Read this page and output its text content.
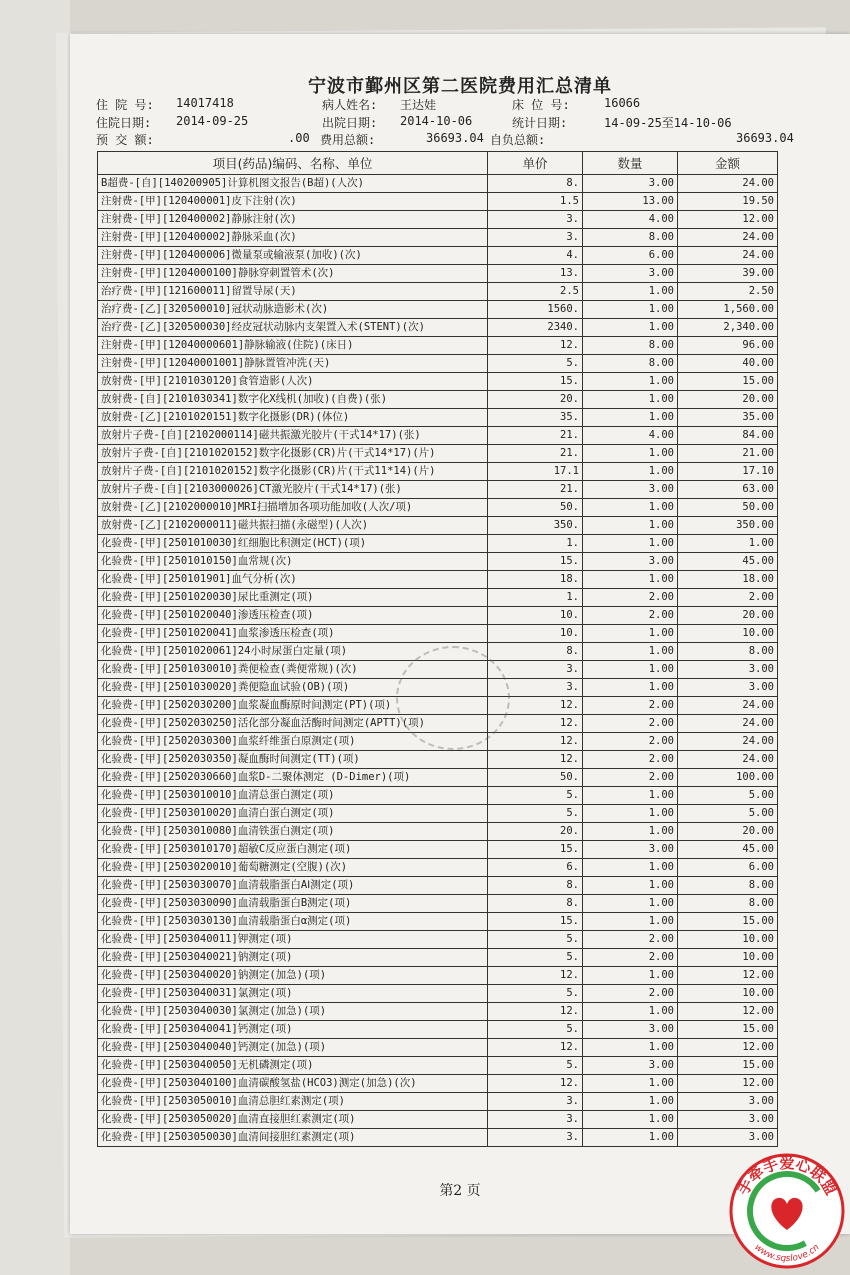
宁波市鄞州区第二医院费用汇总清单
住 院 号: 14017418	病人姓名: 王达娃	床 位 号:	16066
住院日期: 2014-09-25	出院日期: 2014-10-06	统计日期:	14-09-25至14-10-06
预 交 额:	.00 费用总额:	36693.04 自负总额:	36693.04
项目(药品)编码、名称、单位	单价	数量	金额
B超费-[自][140200905]计算机图文报告(B超)(人次)	8.	3.00	24.00
注射费-[甲][120400001]皮下注射(次)	1.5	13.00	19.50
注射费-[甲][120400002]静脉注射(次)	3.	4.00	12.00
注射费-[甲][120400002]静脉采血(次)	3.	8.00	24.00
注射费-[甲][120400006]微量泵或输液泵(加收)(次)	4.	6.00	24.00
注射费-[甲][1204000100]静脉穿刺置管术(次)	13.	3.00	39.00
治疗费-[甲][121600011]留置导尿(天)	2.5	1.00	2.50
治疗费-[乙][320500010]冠状动脉造影术(次)	1560.	1.00	1,560.00
治疗费-[乙][320500030]经皮冠状动脉内支架置入术(STENT)(次)	2340.	1.00	2,340.00
注射费-[甲][12040000601]静脉输液(住院)(床日)	12.	8.00	96.00
注射费-[甲][12040001001]静脉置管冲洗(天)	5.	8.00	40.00
放射费-[甲][2101030120]食管造影(人次)	15.	1.00	15.00
放射费-[自][2101030341]数字化X线机(加收)(自费)(张)	20.	1.00	20.00
放射费-[乙][2101020151]数字化摄影(DR)(体位)	35.	1.00	35.00
放射片子费-[自][2102000114]磁共振激光胶片(干式14*17)(张)	21.	4.00	84.00
放射片子费-[自][2101020152]数字化摄影(CR)片(干式14*17)(片)	21.	1.00	21.00
放射片子费-[自][2101020152]数字化摄影(CR)片(干式11*14)(片)	17.1	1.00	17.10
放射片子费-[自][2103000026]CT激光胶片(干式14*17)(张)	21.	3.00	63.00
放射费-[乙][2102000010]MRI扫描增加各项功能加收(人次/项)	50.	1.00	50.00
放射费-[乙][2102000011]磁共振扫描(永磁型)(人次)	350.	1.00	350.00
化验费-[甲][2501010030]红细胞比积测定(HCT)(项)	1.	1.00	1.00
化验费-[甲][2501010150]血常规(次)	15.	3.00	45.00
化验费-[甲][250101901]血气分析(次)	18.	1.00	18.00
化验费-[甲][2501020030]尿比重测定(项)	1.	2.00	2.00
化验费-[甲][2501020040]渗透压检查(项)	10.	2.00	20.00
化验费-[甲][2501020041]血浆渗透压检查(项)	10.	1.00	10.00
化验费-[甲][2501020061]24小时尿蛋白定量(项)	8.	1.00	8.00
化验费-[甲][2501030010]粪便检查(粪便常规)(次)	3.	1.00	3.00
化验费-[甲][2501030020]粪便隐血试验(OB)(项)	3.	1.00	3.00
化验费-[甲][2502030200]血浆凝血酶原时间测定(PT)(项)	12.	2.00	24.00
化验费-[甲][2502030250]活化部分凝血活酶时间测定(APTT)(项)	12.	2.00	24.00
化验费-[甲][2502030300]血浆纤维蛋白原测定(项)	12.	2.00	24.00
化验费-[甲][2502030350]凝血酶时间测定(TT)(项)	12.	2.00	24.00
化验费-[甲][2502030660]血浆D-二聚体测定 (D-Dimer)(项)	50.	2.00	100.00
化验费-[甲][2503010010]血清总蛋白测定(项)	5.	1.00	5.00
化验费-[甲][2503010020]血清白蛋白测定(项)	5.	1.00	5.00
化验费-[甲][2503010080]血清铁蛋白测定(项)	20.	1.00	20.00
化验费-[甲][2503010170]超敏C反应蛋白测定(项)	15.	3.00	45.00
化验费-[甲][2503020010]葡萄糖测定(空腹)(次)	6.	1.00	6.00
化验费-[甲][2503030070]血清载脂蛋白AⅠ测定(项)	8.	1.00	8.00
化验费-[甲][2503030090]血清载脂蛋白B测定(项)	8.	1.00	8.00
化验费-[甲][2503030130]血清载脂蛋白α测定(项)	15.	1.00	15.00
化验费-[甲][2503040011]钾测定(项)	5.	2.00	10.00
化验费-[甲][2503040021]钠测定(项)	5.	2.00	10.00
化验费-[甲][2503040020]钠测定(加急)(项)	12.	1.00	12.00
化验费-[甲][2503040031]氯测定(项)	5.	2.00	10.00
化验费-[甲][2503040030]氯测定(加急)(项)	12.	1.00	12.00
化验费-[甲][2503040041]钙测定(项)	5.	3.00	15.00
化验费-[甲][2503040040]钙测定(加急)(项)	12.	1.00	12.00
化验费-[甲][2503040050]无机磷测定(项)	5.	3.00	15.00
化验费-[甲][2503040100]血清碳酸氢盐(HCO3)测定(加急)(次)	12.	1.00	12.00
化验费-[甲][2503050010]血清总胆红素测定(项)	3.	1.00	3.00
化验费-[甲][2503050020]血清直接胆红素测定(项)	3.	1.00	3.00
化验费-[甲][2503050030]血清间接胆红素测定(项)	3.	1.00	3.00
第2 页	手牵手爱心联盟
www.sqslove.cn
